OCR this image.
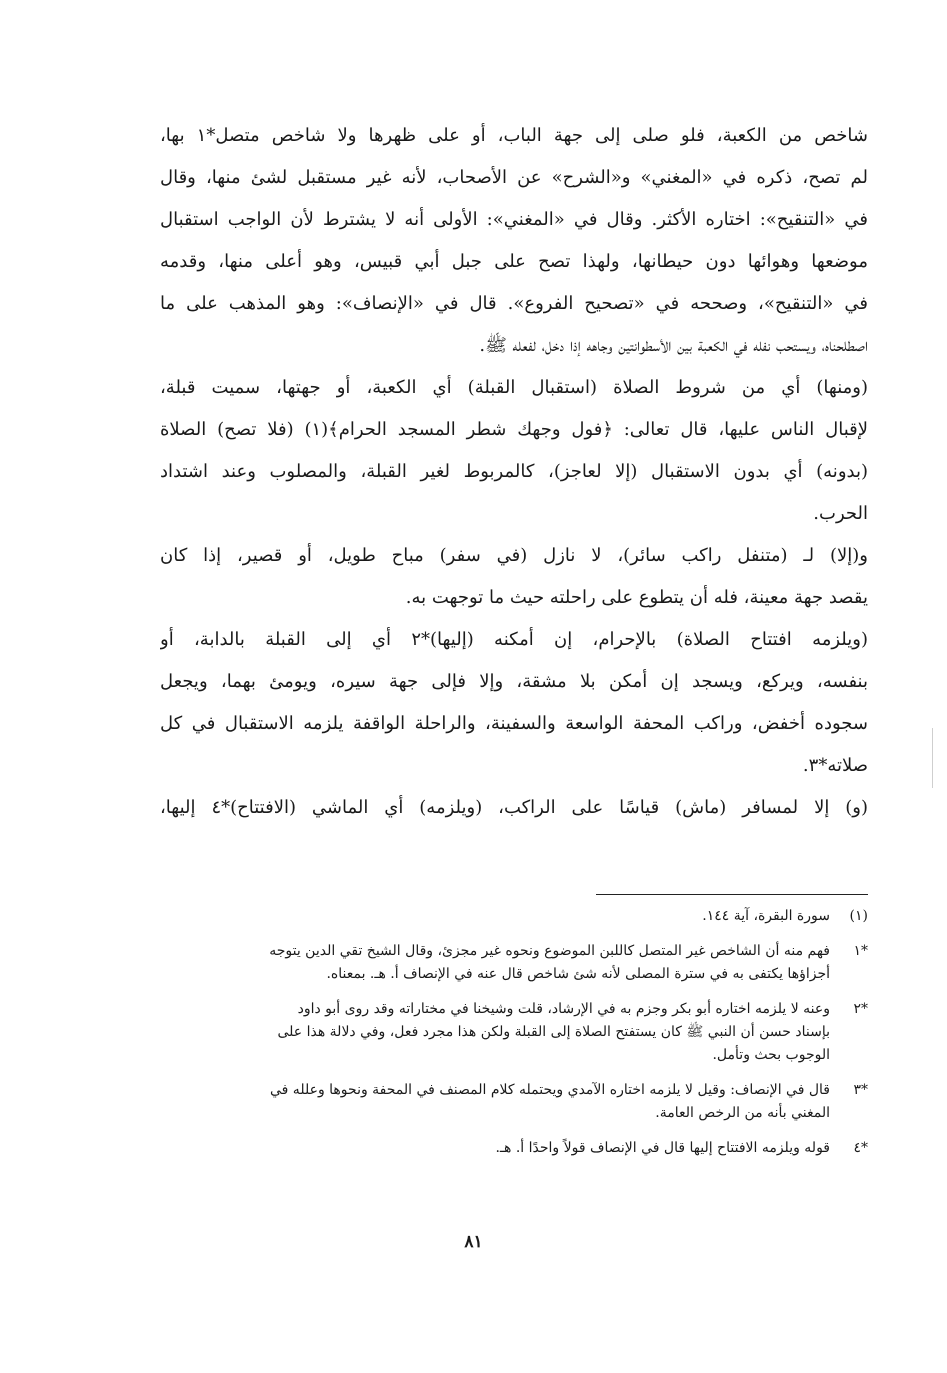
شاخص من الكعبة، فلو صلى إلى جهة الباب، أو على ظهرها ولا شاخص متصل*١ بها،
لم تصح، ذكره في «المغني» و«الشرح» عن الأصحاب، لأنه غير مستقبل لشئ منها، وقال
في «التنقيح»: اختاره الأكثر. وقال في «المغني»: الأولى أنه لا يشترط لأن الواجب استقبال
موضعها وهوائها دون حيطانها، ولهذا تصح على جبل أبي قبيس، وهو أعلى منها، وقدمه
في «التنقيح»، وصححه في «تصحيح الفروع». قال في «الإنصاف»: وهو المذهب على ما
اصطلحناه، ويستحب نفله في الكعبة بين الأسطوانتين وجاهه إذا دخل، لفعله ﷺ.
(ومنها) أي من شروط الصلاة (استقبال القبلة) أي الكعبة، أو جهتها، سميت قبلة،
لإقبال الناس عليها، قال تعالى: ﴿فول وجهك شطر المسجد الحرام﴾(١) (فلا تصح) الصلاة
(بدونه) أي بدون الاستقبال (إلا لعاجز)، كالمربوط لغير القبلة، والمصلوب وعند اشتداد
الحرب.
و(إلا) لـ (متنفل راكب سائر)، لا نازل (في سفر) مباح طويل، أو قصير، إذا كان
يقصد جهة معينة، فله أن يتطوع على راحلته حيث ما توجهت به.
(ويلزمه افتتاح الصلاة) بالإحرام، إن أمكنه (إليها)*٢ أي إلى القبلة بالدابة، أو
بنفسه، ويركع، ويسجد إن أمكن بلا مشقة، وإلا فإلى جهة سيره، ويومئ بهما، ويجعل
سجوده أخفض، وراكب المحفة الواسعة والسفينة، والراحلة الواقفة يلزمه الاستقبال في كل
صلاته*٣.
(و) إلا لمسافر (ماش) قياسًا على الراكب، (ويلزمه) أي الماشي (الافتتاح)*٤ إليها،
(١)
سورة البقرة، آية ١٤٤.
*١
فهم منه أن الشاخص غير المتصل كاللبن الموضوع ونحوه غير مجزئ، وقال الشيخ تقي الدين يتوجه
أجزاؤها يكتفى به في سترة المصلى لأنه شئ شاخص قال عنه في الإنصاف أ. هـ. بمعناه.
*٢
وعنه لا يلزمه اختاره أبو بكر وجزم به في الإرشاد، قلت وشيخنا في مختاراته وقد روى أبو داود
بإسناد حسن أن النبي ﷺ كان يستفتح الصلاة إلى القبلة ولكن هذا مجرد فعل، وفي دلالة هذا على
الوجوب بحث وتأمل.
*٣
قال في الإنصاف: وقيل لا يلزمه اختاره الآمدي ويحتمله كلام المصنف في المحفة ونحوها وعلله في
المغني بأنه من الرخص العامة.
*٤
قوله ويلزمه الافتتاح إليها قال في الإنصاف قولاً واحدًا أ. هـ.
٨١
